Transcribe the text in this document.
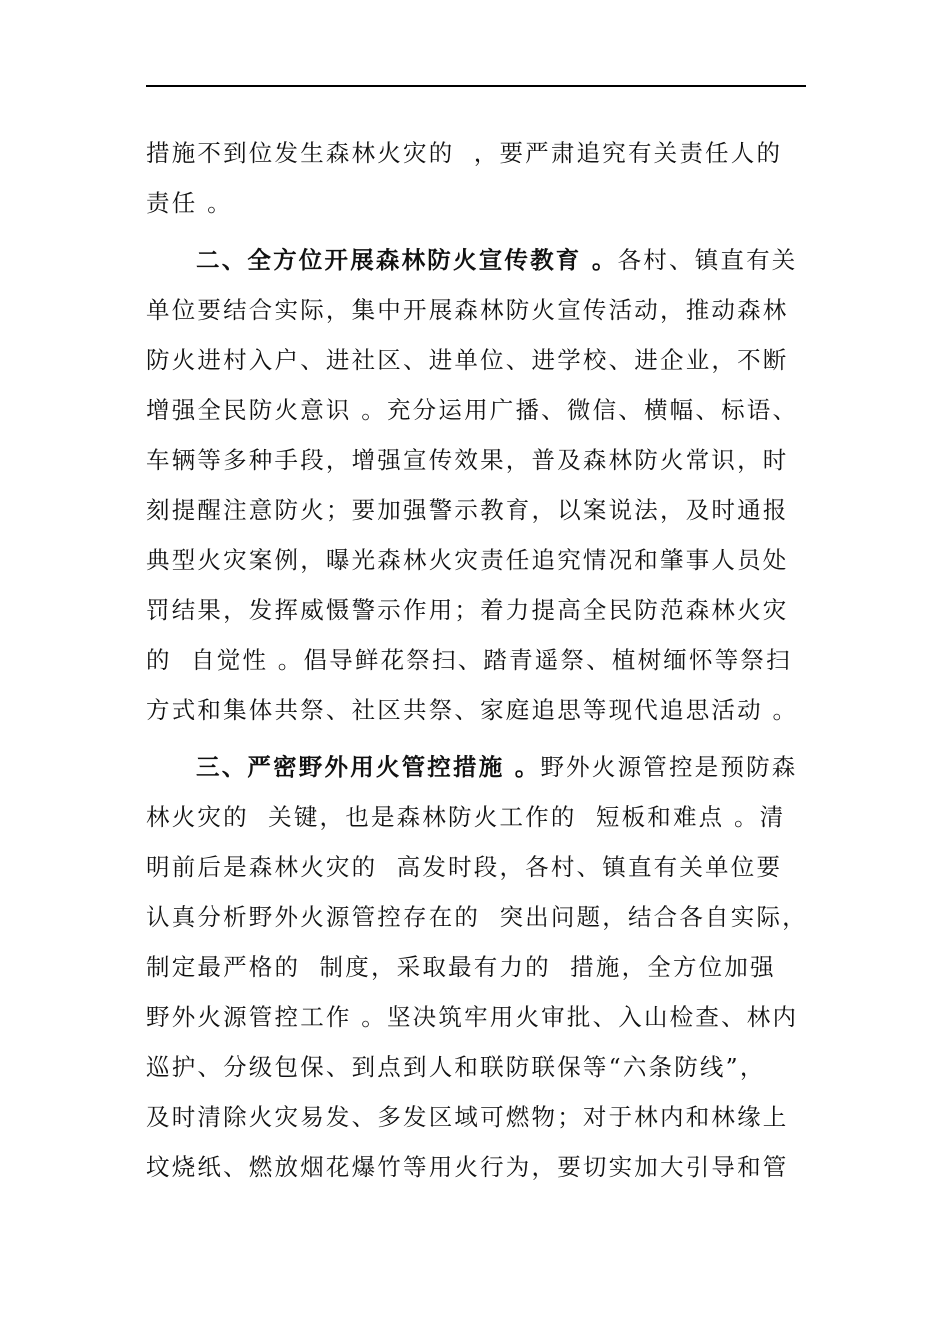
措施不到位发生森林火灾的  ，要严肃追究有关责任人的
责任 。
二、全方位开展森林防火宣传教育 。各村、镇直有关
单位要结合实际，集中开展森林防火宣传活动，推动森林
防火进村入户、进社区、进单位、进学校、进企业，不断
增强全民防火意识 。充分运用广播、微信、横幅、标语、
车辆等多种手段，增强宣传效果，普及森林防火常识，时
刻提醒注意防火；要加强警示教育，以案说法，及时通报
典型火灾案例，曝光森林火灾责任追究情况和肇事人员处
罚结果，发挥威慑警示作用；着力提高全民防范森林火灾
的  自觉性 。倡导鲜花祭扫、踏青遥祭、植树缅怀等祭扫
方式和集体共祭、社区共祭、家庭追思等现代追思活动 。
三、严密野外用火管控措施 。野外火源管控是预防森
林火灾的  关键，也是森林防火工作的  短板和难点 。清
明前后是森林火灾的  高发时段，各村、镇直有关单位要
认真分析野外火源管控存在的  突出问题，结合各自实际，
制定最严格的  制度，采取最有力的  措施，全方位加强
野外火源管控工作 。坚决筑牢用火审批、入山检查、林内
巡护、分级包保、到点到人和联防联保等“六条防线”，
及时清除火灾易发、多发区域可燃物；对于林内和林缘上
坟烧纸、燃放烟花爆竹等用火行为，要切实加大引导和管
